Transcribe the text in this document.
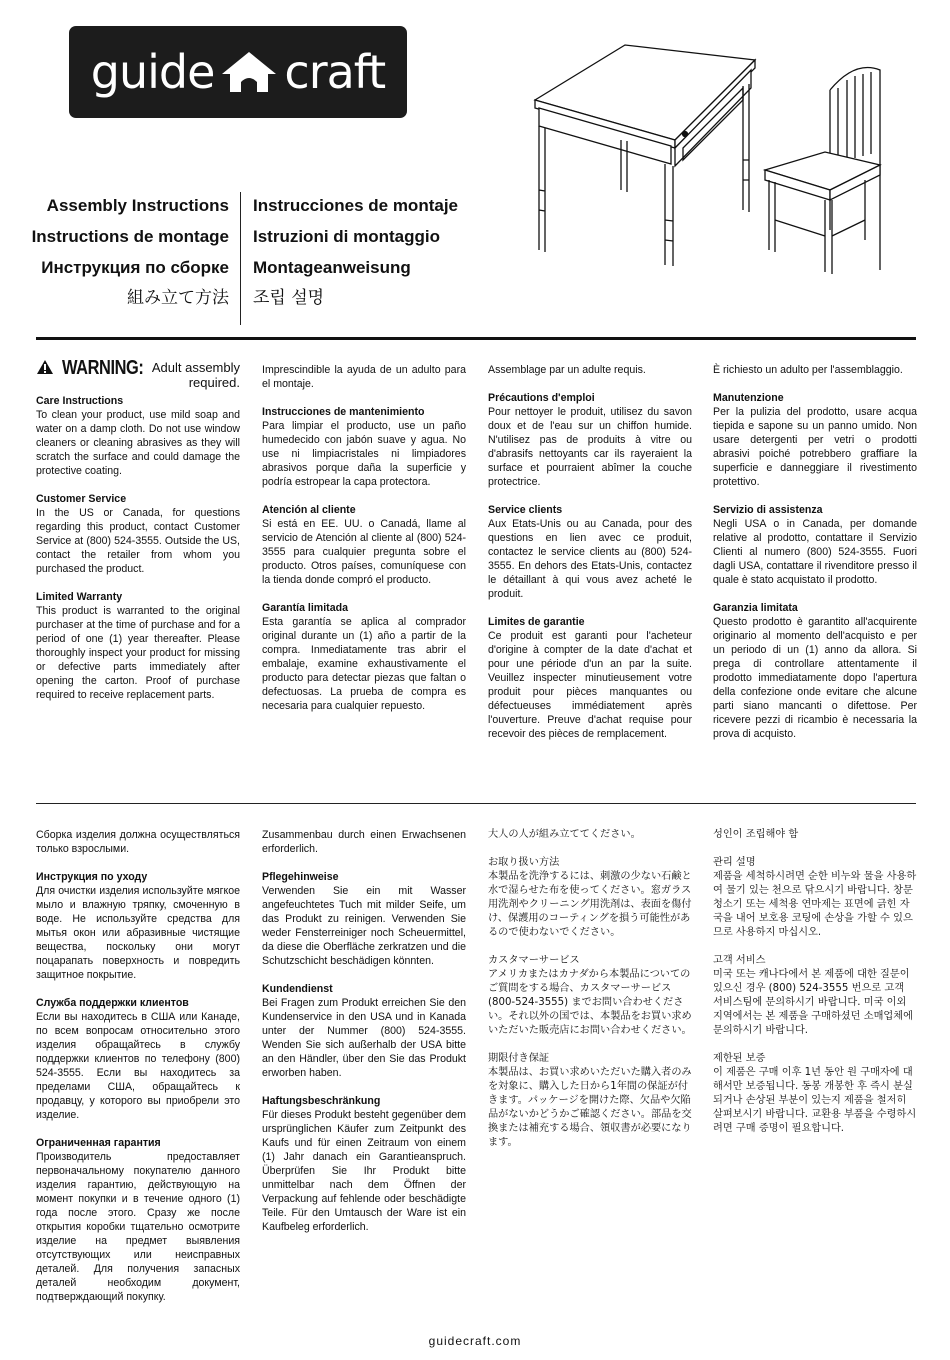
guide craft
Assembly Instructions
Instructions de montage
Инструкция по сборке
組み立て方法
Instrucciones de montaje
Istruzioni di montaggio
Montageanweisung
조립 설명
WARNING: Adult assembly required.
Care Instructions

To clean your product, use mild soap and water on a damp cloth. Do not use window cleaners or cleaning abrasives as they will scratch the surface and could damage the protective coating.

Customer Service

In the US or Canada, for questions regarding this product, contact Customer Service at (800) 524-3555. Outside the US, contact the retailer from whom you purchased the product.

Limited Warranty

This product is warranted to the original purchaser at the time of purchase and for a period of one (1) year thereafter. Please thoroughly inspect your product for missing or defective parts immediately after opening the carton. Proof of purchase required to receive replacement parts.

Imprescindible la ayuda de un adulto para el montaje.

Instrucciones de mantenimiento

Para limpiar el producto, use un paño humedecido con jabón suave y agua. No use ni limpiacristales ni limpiadores abrasivos porque daña la superficie y podría estropear la capa protectora.

Atención al cliente

Si está en EE. UU. o Canadá, llame al servicio de Atención al cliente al (800) 524-3555 para cualquier pregunta sobre el producto. Otros países, comuníquese con la tienda donde compró el producto.

Garantía limitada

Esta garantía se aplica al comprador original durante un (1) año a partir de la compra. Inmediatamente tras abrir el embalaje, examine exhaustivamente el producto para detectar piezas que faltan o defectuosas. La prueba de compra es necesaria para cualquier repuesto.

Assemblage par un adulte requis.

Précautions d'emploi

Pour nettoyer le produit, utilisez du savon doux et de l'eau sur un chiffon humide. N'utilisez pas de produits à vitre ou d'abrasifs nettoyants car ils rayeraient la surface et pourraient abîmer la couche protectrice.

Service clients

Aux Etats-Unis ou au Canada, pour des questions en lien avec ce produit, contactez le service clients au (800) 524-3555. En dehors des Etats-Unis, contactez le détaillant à qui vous avez acheté le produit.

Limites de garantie

Ce produit est garanti pour l'acheteur d'origine à compter de la date d'achat et pour une période d'un an par la suite. Veuillez inspecter minutieusement votre produit pour pièces manquantes ou défectueuses immédiatement après l'ouverture. Preuve d'achat requise pour recevoir des pièces de remplacement.

È richiesto un adulto per l'assemblaggio.

Manutenzione

Per la pulizia del prodotto, usare acqua tiepida e sapone su un panno umido. Non usare detergenti per vetri o prodotti abrasivi poiché potrebbero graffiare la superficie e danneggiare il rivestimento protettivo.

Servizio di assistenza

Negli USA o in Canada, per domande relative al prodotto, contattare il Servizio Clienti al numero (800) 524-3555. Fuori dagli USA, contattare il rivenditore presso il quale è stato acquistato il prodotto.

Garanzia limitata

Questo prodotto è garantito all'acquirente originario al momento dell'acquisto e per un periodo di un (1) anno da allora. Si prega di controllare attentamente il prodotto immediatamente dopo l'apertura della confezione onde evitare che alcune parti siano mancanti o difettose. Per ricevere pezzi di ricambio è necessaria la prova di acquisto.

Сборка изделия должна осуществляться только взрослыми.

Инструкция по уходу

Для очистки изделия используйте мягкое мыло и влажную тряпку, смоченную в воде. Не используйте средства для мытья окон или абразивные чистящие вещества, поскольку они могут поцарапать поверхность и повредить защитное покрытие.

Служба поддержки клиентов

Если вы находитесь в США или Канаде, по всем вопросам относительно этого изделия обращайтесь в службу поддержки клиентов по телефону (800) 524-3555. Если вы находитесь за пределами США, обращайтесь к продавцу, у которого вы приобрели это изделие.

Ограниченная гарантия

Производитель предоставляет первоначальному покупателю данного изделия гарантию, действующую на момент покупки и в течение одного (1) года после этого. Сразу же после открытия коробки тщательно осмотрите изделие на предмет выявления отсутствующих или неисправных деталей. Для получения запасных деталей необходим документ, подтверждающий покупку.

Zusammenbau durch einen Erwachsenen erforderlich.

Pflegehinweise

Verwenden Sie ein mit Wasser angefeuchtetes Tuch mit milder Seife, um das Produkt zu reinigen. Verwenden Sie weder Fensterreiniger noch Scheuermittel, da diese die Oberfläche zerkratzen und die Schutzschicht beschädigen könnten.

Kundendienst

Bei Fragen zum Produkt erreichen Sie den Kundenservice in den USA und in Kanada unter der Nummer (800) 524-3555. Wenden Sie sich außerhalb der USA bitte an den Händler, über den Sie das Produkt erworben haben.

Haftungsbeschränkung

Für dieses Produkt besteht gegenüber dem ursprünglichen Käufer zum Zeitpunkt des Kaufs und für einen Zeitraum von einem (1) Jahr danach ein Garantieanspruch. Überprüfen Sie Ihr Produkt bitte unmittelbar nach dem Öffnen der Verpackung auf fehlende oder beschädigte Teile. Für den Umtausch der Ware ist ein Kaufbeleg erforderlich.

大人の人が組み立ててください。

お取り扱い方法

本製品を洗浄するには、刺激の少ない石鹸と水で湿らせた布を使ってください。窓ガラス用洗剤やクリーニング用洗剤は、表面を傷付け、保護用のコーティングを損う可能性があるので使わないでください。

カスタマーサービス

アメリカまたはカナダから本製品についてのご質問をする場合、カスタマーサービス (800-524-3555) までお問い合わせください。それ以外の国では、本製品をお買い求めいただいた販売店にお問い合わせください。

期限付き保証

本製品は、お買い求めいただいた購入者のみを対象に、購入した日から1年間の保証が付きます。パッケージを開けた際、欠品や欠陥品がないかどうかご確認ください。部品を交換または補充する場合、領収書が必要になります。

성인이 조립해야 함

관리 설명

제품을 세척하시려면 순한 비누와 물을 사용하여 물기 있는 천으로 닦으시기 바랍니다. 창문 청소기 또는 세척용 연마제는 표면에 긁힌 자국을 내어 보호용 코팅에 손상을 가할 수 있으므로 사용하지 마십시오.

고객 서비스

미국 또는 캐나다에서 본 제품에 대한 질문이 있으신 경우 (800) 524-3555 번으로 고객 서비스팀에 문의하시기 바랍니다. 미국 이외 지역에서는 본 제품을 구매하셨던 소매업체에 문의하시기 바랍니다.

제한된 보증

이 제품은 구매 이후 1년 동안 원 구매자에 대해서만 보증됩니다. 동봉 개봉한 후 즉시 분실되거나 손상된 부분이 있는지 제품을 철저히 살펴보시기 바랍니다. 교환용 부품을 수령하시려면 구매 증명이 필요합니다.

guidecraft.com
